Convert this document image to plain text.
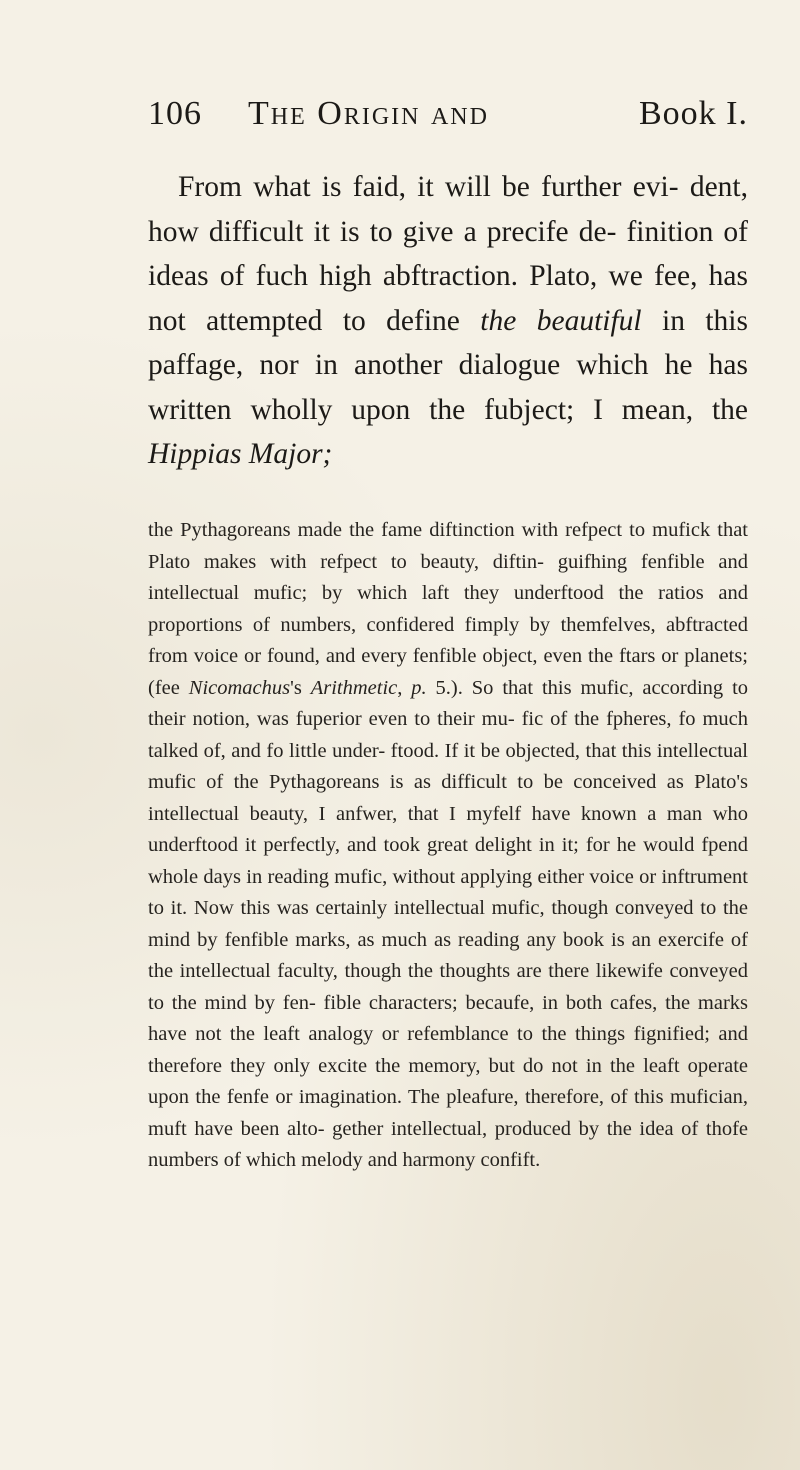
106 The Origin and	Book I.

From what is faid, it will be further evi- dent, how difficult it is to give a precife de- finition of ideas of fuch high abftraction. Plato, we fee, has not attempted to define the beautiful in this paffage, nor in another dialogue which he has written wholly upon the fubject; I mean, the Hippias Major;

the Pythagoreans made the fame diftinction with refpect to mufick that Plato makes with refpect to beauty, diftin- guifhing fenfible and intellectual mufic; by which laft they underftood the ratios and proportions of numbers, confidered fimply by themfelves, abftracted from voice or found, and every fenfible object, even the ftars or planets; (fee Nicomachus's Arithmetic, p. 5.). So that this mufic, according to their notion, was fuperior even to their mu- fic of the fpheres, fo much talked of, and fo little under- ftood. If it be objected, that this intellectual mufic of the Pythagoreans is as difficult to be conceived as Plato's intellectual beauty, I anfwer, that I myfelf have known a man who underftood it perfectly, and took great delight in it; for he would fpend whole days in reading mufic, without applying either voice or inftrument to it. Now this was certainly intellectual mufic, though conveyed to the mind by fenfible marks, as much as reading any book is an exercife of the intellectual faculty, though the thoughts are there likewife conveyed to the mind by fen- fible characters; becaufe, in both cafes, the marks have not the leaft analogy or refemblance to the things fignified; and therefore they only excite the memory, but do not in the leaft operate upon the fenfe or imagination. The pleafure, therefore, of this mufician, muft have been alto- gether intellectual, produced by the idea of thofe numbers of which melody and harmony confift.
